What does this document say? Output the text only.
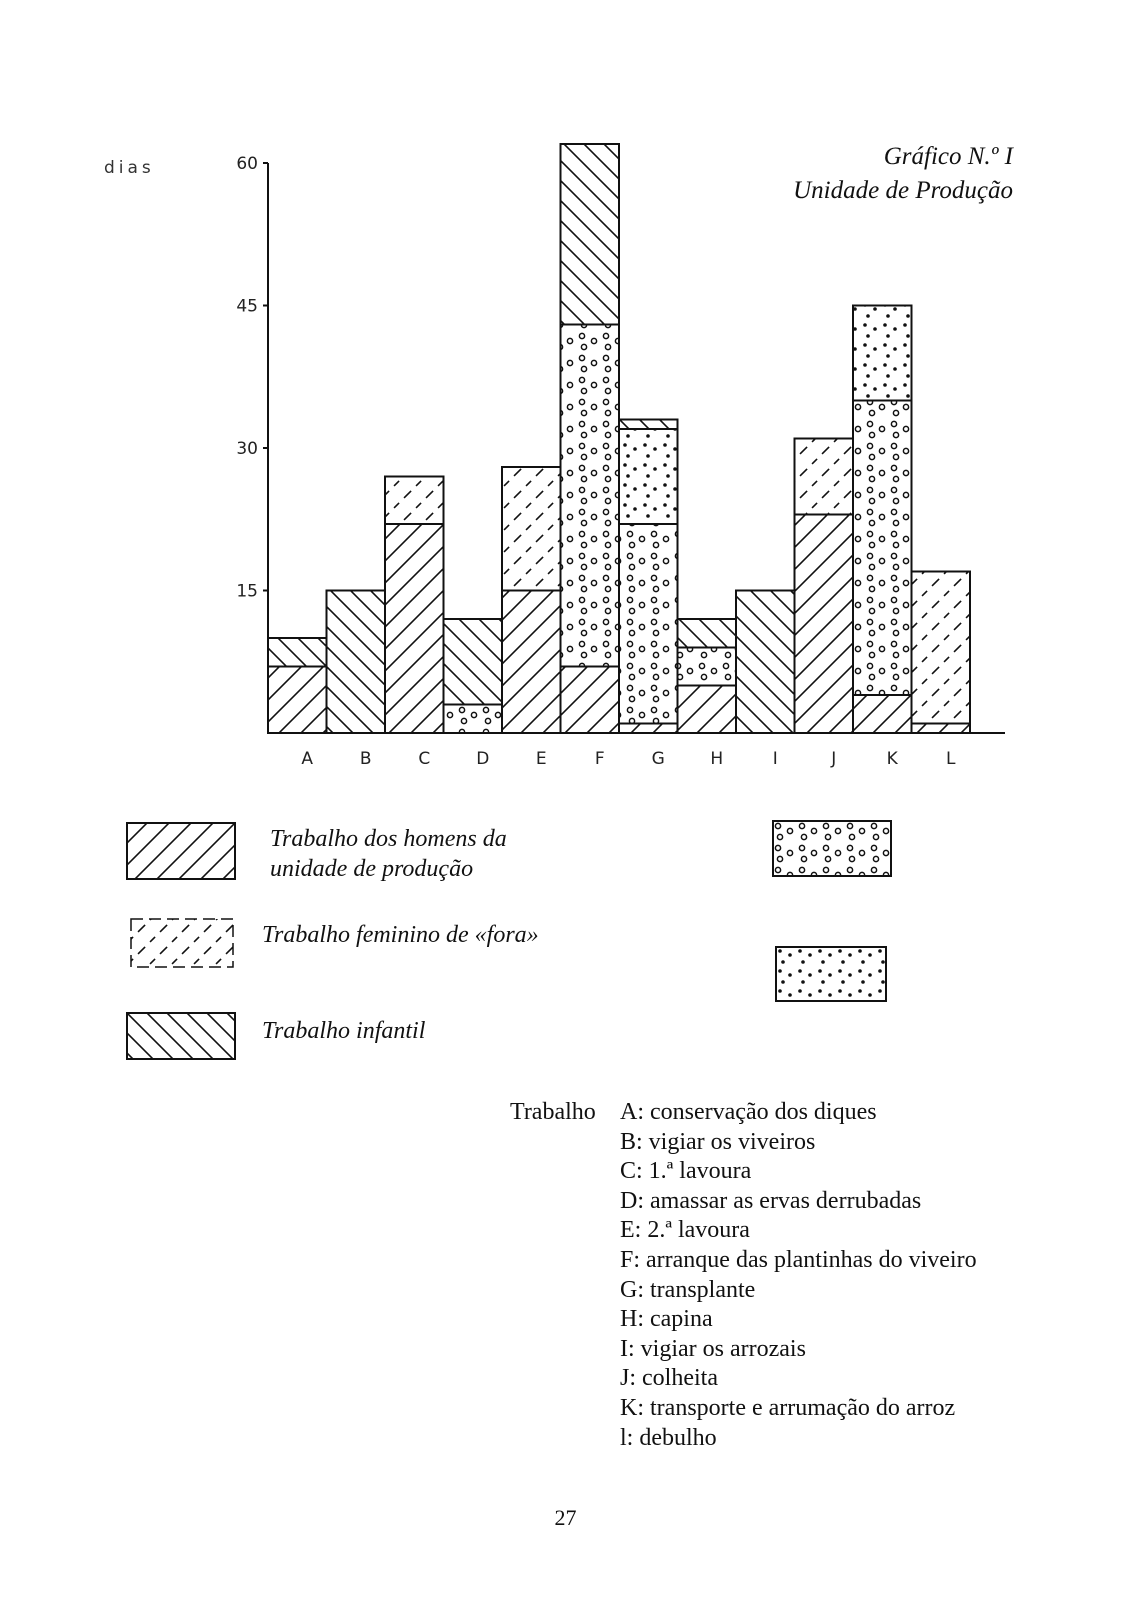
A	B	C	D	E	F	G	H	I	J	K	L
15
30
45
60
dias	Gráfico N.º I
Unidade de Produção
Trabalho dos homens da
unidade de produção
Trabalho feminino de «fora»
Trabalho infantil
Trabalho	A: conservação dos diques
B: vigiar os viveiros
C: 1.ª lavoura
D: amassar as ervas derrubadas
E: 2.ª lavoura
F: arranque das plantinhas do viveiro
G: transplante
H: capina
I: vigiar os arrozais
J: colheita
K: transporte e arrumação do arroz
l: debulho
27
